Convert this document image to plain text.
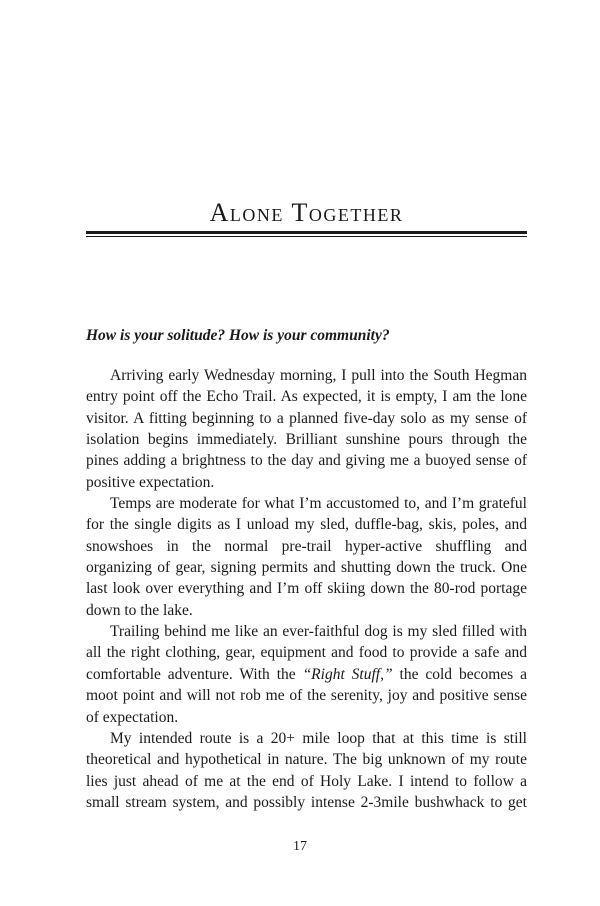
Alone Together

How is your solitude? How is your community?

Arriving early Wednesday morning, I pull into the South Hegman entry point off the Echo Trail. As expected, it is empty, I am the lone visitor. A fitting beginning to a planned five-day solo as my sense of isolation begins immediately. Brilliant sunshine pours through the pines adding a brightness to the day and giving me a buoyed sense of positive expectation.

Temps are moderate for what I’m accustomed to, and I’m grateful for the single digits as I unload my sled, duffle-bag, skis, poles, and snowshoes in the normal pre-trail hyper-active shuffling and organizing of gear, signing permits and shutting down the truck. One last look over everything and I’m off skiing down the 80-rod portage down to the lake.

Trailing behind me like an ever-faithful dog is my sled filled with all the right clothing, gear, equipment and food to provide a safe and comfortable adventure. With the “Right Stuff,” the cold becomes a moot point and will not rob me of the serenity, joy and positive sense of expectation.

My intended route is a 20+ mile loop that at this time is still theoretical and hypothetical in nature. The big unknown of my route lies just ahead of me at the end of Holy Lake. I intend to follow a small stream system, and possibly intense 2-3mile bushwhack to get

17
